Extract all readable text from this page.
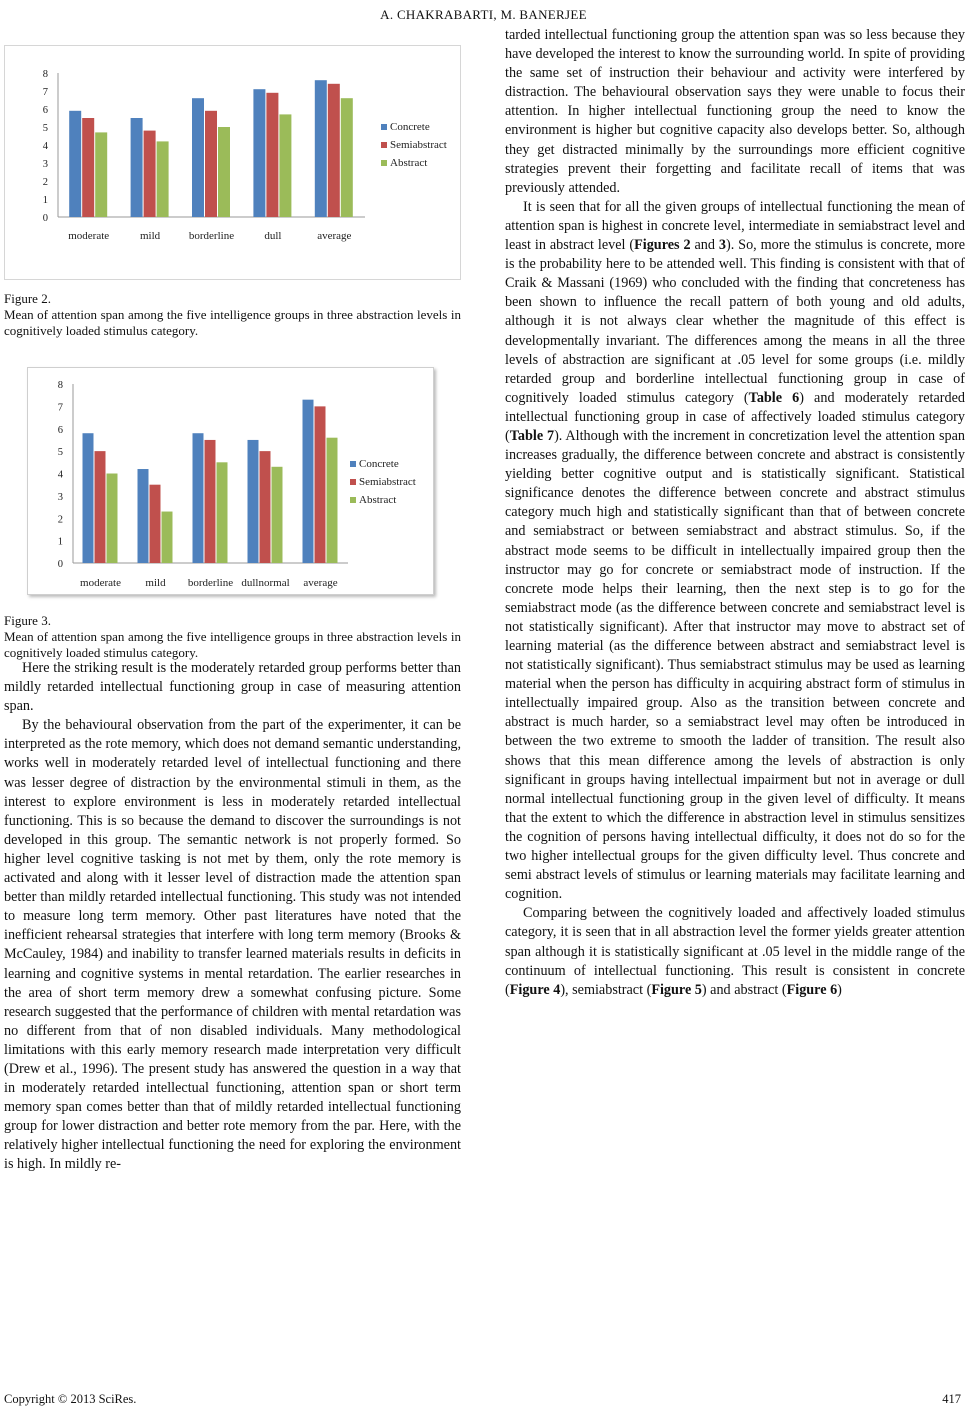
A. CHAKRABARTI, M. BANERJEE
0
1
2
3
4
5
6
7
8
moderate	mild	borderline	dull	average
Concrete
Semiabstract
Abstract
Figure 2.
Mean of attention span among the five intelligence groups in three abstraction levels in cognitively loaded stimulus category.
0
1
2
3
4
5
6
7
8
moderate mild borderline dullnormal average
Concrete
Semiabstract
Abstract
Figure 3.
Mean of attention span among the five intelligence groups in three abstraction levels in cognitively loaded stimulus category.

Here the striking result is the moderately retarded group performs better than mildly retarded intellectual functioning group in case of measuring attention span.

By the behavioural observation from the part of the experimenter, it can be interpreted as the rote memory, which does not demand semantic understanding, works well in moderately retarded level of intellectual functioning and there was lesser degree of distraction by the environmental stimuli in them, as the interest to explore environment is less in moderately retarded intellectual functioning. This is so because the demand to discover the surroundings is not developed in this group. The semantic network is not properly formed. So higher level cognitive tasking is not met by them, only the rote memory is activated and along with it lesser level of distraction made the attention span better than mildly retarded intellectual functioning. This study was not intended to measure long term memory. Other past literatures have noted that the inefficient rehearsal strategies that interfere with long term memory (Brooks & McCauley, 1984) and inability to transfer learned materials results in deficits in learning and cognitive systems in mental retardation. The earlier researches in the area of short term memory drew a somewhat confusing picture. Some research suggested that the performance of children with mental retardation was no different from that of non disabled individuals. Many methodological limitations with this early memory research made interpretation very difficult (Drew et al., 1996). The present study has answered the question in a way that in moderately retarded intellectual functioning, attention span or short term memory span comes better than that of mildly retarded intellectual functioning group for lower distraction and better rote memory from the par. Here, with the relatively higher intellectual functioning the need for exploring the environment is high. In mildly re-

tarded intellectual functioning group the attention span was so less because they have developed the interest to know the surrounding world. In spite of providing the same set of instruction their behaviour and activity were interfered by distraction. The behavioural observation says they were unable to focus their attention. In higher intellectual functioning group the need to know the environment is higher but cognitive capacity also develops better. So, although they get distracted minimally by the surroundings more efficient cognitive strategies prevent their forgetting and facilitate recall of items that was previously attended.

It is seen that for all the given groups of intellectual functioning the mean of attention span is highest in concrete level, intermediate in semiabstract level and least in abstract level (Figures 2 and 3). So, more the stimulus is concrete, more is the probability here to be attended well. This finding is consistent with that of Craik & Massani (1969) who concluded with the finding that concreteness has been shown to influence the recall pattern of both young and old adults, although it is not always clear whether the magnitude of this effect is developmentally invariant. The differences among the means in all the three levels of abstraction are significant at .05 level for some groups (i.e. mildly retarded group and borderline intellectual functioning group in case of cognitively loaded stimulus category (Table 6) and moderately retarded intellectual functioning group in case of affectively loaded stimulus category (Table 7). Although with the increment in concretization level the attention span increases gradually, the difference between concrete and abstract is consistently yielding better cognitive output and is statistically significant. Statistical significance denotes the difference between concrete and abstract stimulus category much high and statistically significant than that of between concrete and semiabstract or between semiabstract and abstract stimulus. So, if the abstract mode seems to be difficult in intellectually impaired group then the instructor may go for concrete or semiabstract mode of instruction. If the concrete mode helps their learning, then the next step is to go for the semiabstract mode (as the difference between concrete and semiabstract level is not statistically significant). After that instructor may move to abstract set of learning material (as the difference between abstract and semiabstract level is not statistically significant). Thus semiabstract stimulus may be used as learning material when the person has difficulty in acquiring abstract form of stimulus in intellectually impaired group. Also as the transition between concrete and abstract is much harder, so a semiabstract level may often be introduced in between the two extreme to smooth the ladder of transition. The result also shows that this mean difference among the levels of abstraction is only significant in groups having intellectual impairment but not in average or dull normal intellectual functioning group in the given level of difficulty. It means that the extent to which the difference in abstraction level in stimulus sensitizes the cognition of persons having intellectual difficulty, it does not do so for the two higher intellectual groups for the given difficulty level. Thus concrete and semi abstract levels of stimulus or learning materials may facilitate learning and cognition.

Comparing between the cognitively loaded and affectively loaded stimulus category, it is seen that in all abstraction level the former yields greater attention span although it is statistically significant at .05 level in the middle range of the continuum of intellectual functioning. This result is consistent in concrete (Figure 4), semiabstract (Figure 5) and abstract (Figure 6)

Copyright © 2013 SciRes.	417
